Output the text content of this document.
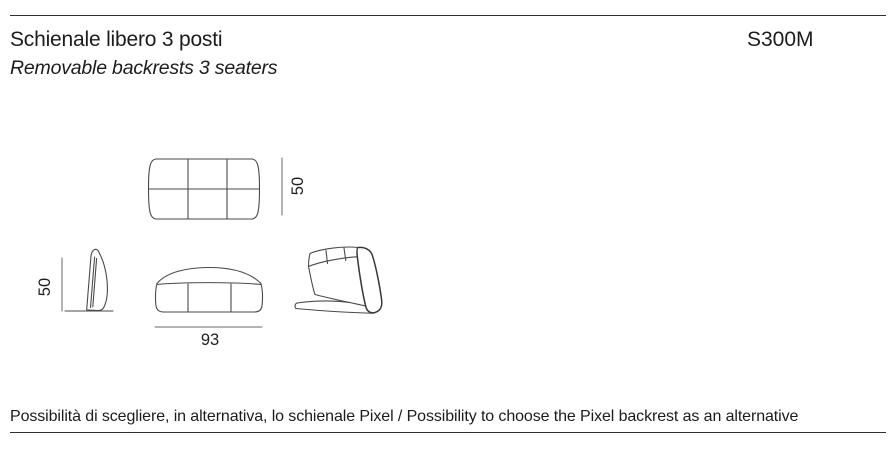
Schienale libero 3 posti
Removable backrests 3 seaters
S300M
50
50
93
Possibilità di scegliere, in alternativa, lo schienale Pixel / Possibility to choose the Pixel backrest as an alternative
